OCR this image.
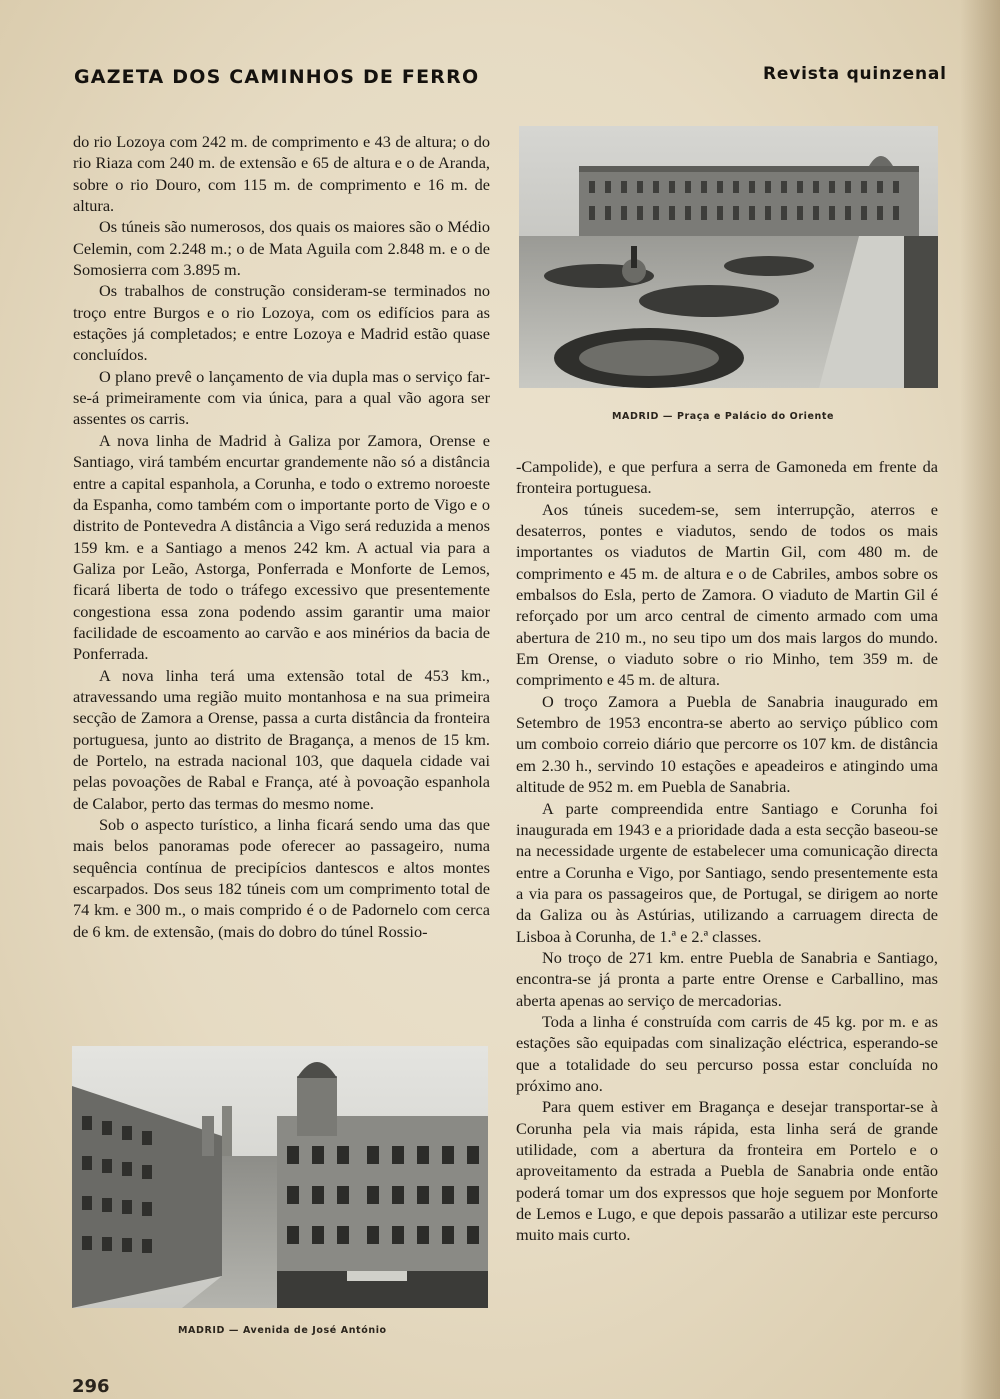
GAZETA DOS CAMINHOS DE FERRO	Revista quinzenal

do rio Lozoya com 242 m. de comprimento e 43 de altura; o do rio Riaza com 240 m. de extensão e 65 de altura e o de Aranda, sobre o rio Douro, com 115 m. de comprimento e 16 m. de altura.

Os túneis são numerosos, dos quais os maiores são o Médio Celemin, com 2.248 m.; o de Mata Aguila com 2.848 m. e o de Somosierra com 3.895 m.

Os trabalhos de construção consideram-se terminados no troço entre Burgos e o rio Lozoya, com os edifícios para as estações já completados; e entre Lozoya e Madrid estão quase concluídos.

O plano prevê o lançamento de via dupla mas o serviço far-se-á primeiramente com via única, para a qual vão agora ser assentes os carris.

A nova linha de Madrid à Galiza por Zamora, Orense e Santiago, virá também encurtar grandemente não só a distância entre a capital espanhola, a Corunha, e todo o extremo noroeste da Espanha, como também com o importante porto de Vigo e o distrito de Pontevedra A distância a Vigo será reduzida a menos 159 km. e a Santiago a menos 242 km. A actual via para a Galiza por Leão, Astorga, Ponferrada e Monforte de Lemos, ficará liberta de todo o tráfego excessivo que presentemente congestiona essa zona podendo assim garantir uma maior facilidade de escoamento ao carvão e aos minérios da bacia de Ponferrada.

A nova linha terá uma extensão total de 453 km., atravessando uma região muito montanhosa e na sua primeira secção de Zamora a Orense, passa a curta distância da fronteira portuguesa, junto ao distrito de Bragança, a menos de 15 km. de Portelo, na estrada nacional 103, que daquela cidade vai pelas povoações de Rabal e França, até à povoação espanhola de Calabor, perto das termas do mesmo nome.

Sob o aspecto turístico, a linha ficará sendo uma das que mais belos panoramas pode oferecer ao passageiro, numa sequência contínua de precipícios dantescos e altos montes escarpados. Dos seus 182 túneis com um comprimento total de 74 km. e 300 m., o mais comprido é o de Padornelo com cerca de 6 km. de extensão, (mais do dobro do túnel Rossio-

MADRID — Praça e Palácio do Oriente

-Campolide), e que perfura a serra de Gamoneda em frente da fronteira portuguesa.

Aos túneis sucedem-se, sem interrupção, aterros e desaterros, pontes e viadutos, sendo de todos os mais importantes os viadutos de Martin Gil, com 480 m. de comprimento e 45 m. de altura e o de Cabriles, ambos sobre os embalsos do Esla, perto de Zamora. O viaduto de Martin Gil é reforçado por um arco central de cimento armado com uma abertura de 210 m., no seu tipo um dos mais largos do mundo. Em Orense, o viaduto sobre o rio Minho, tem 359 m. de comprimento e 45 m. de altura.

O troço Zamora a Puebla de Sanabria inaugurado em Setembro de 1953 encontra-se aberto ao serviço público com um comboio correio diário que percorre os 107 km. de distância em 2.30 h., servindo 10 estações e apeadeiros e atingindo uma altitude de 952 m. em Puebla de Sanabria.

A parte compreendida entre Santiago e Corunha foi inaugurada em 1943 e a prioridade dada a esta secção baseou-se na necessidade urgente de estabelecer uma comunicação directa entre a Corunha e Vigo, por Santiago, sendo presentemente esta a via para os passageiros que, de Portugal, se dirigem ao norte da Galiza ou às Astúrias, utilizando a carruagem directa de Lisboa à Corunha, de 1.ª e 2.ª classes.

No troço de 271 km. entre Puebla de Sanabria e Santiago, encontra-se já pronta a parte entre Orense e Carballino, mas aberta apenas ao serviço de mercadorias.

Toda a linha é construída com carris de 45 kg. por m. e as estações são equipadas com sinalização eléctrica, esperando-se que a totalidade do seu percurso possa estar concluída no próximo ano.

Para quem estiver em Bragança e desejar transportar-se à Corunha pela via mais rápida, esta linha será de grande utilidade, com a abertura da fronteira em Portelo e o aproveitamento da estrada a Puebla de Sanabria onde então poderá tomar um dos expressos que hoje seguem por Monforte de Lemos e Lugo, e que depois passarão a utilizar este percurso muito mais curto.

MADRID — Avenida de José António
296
